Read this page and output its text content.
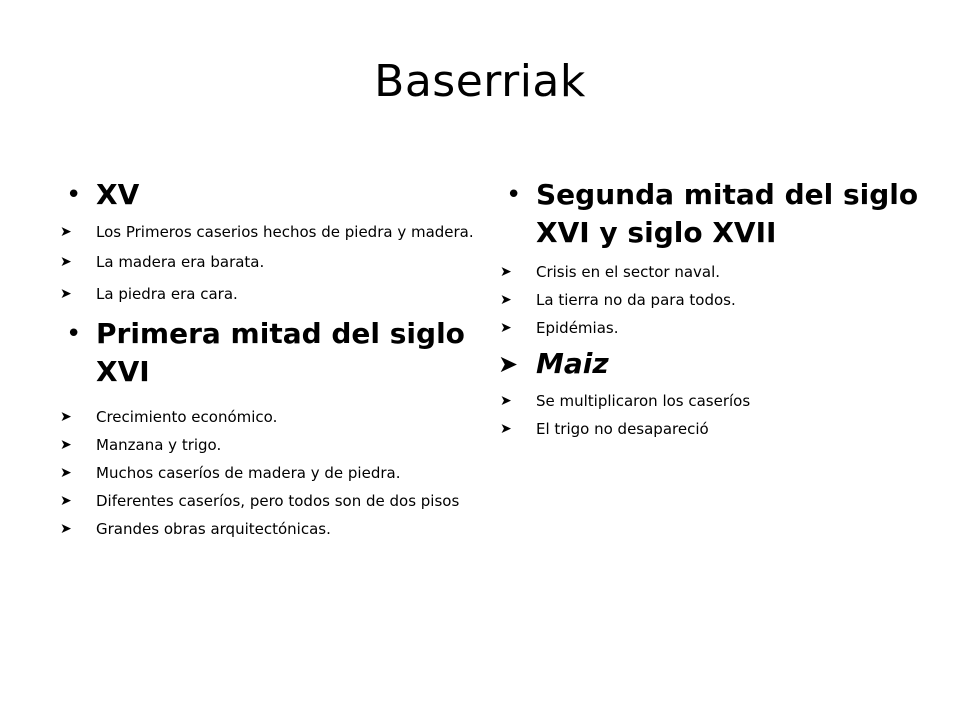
Baserriak
• XV
➤ Los Primeros caserios hechos de piedra y madera.
➤ La madera era barata.
➤ La piedra era cara.
• Primera mitad del siglo XVI
➤ Crecimiento económico.
➤ Manzana y trigo.
➤ Muchos caseríos de madera y de piedra.
➤ Diferentes caseríos, pero todos son de dos pisos
➤ Grandes obras arquitectónicas.
• Segunda mitad del siglo XVI y siglo XVII
➤ Crisis en el sector naval.
➤ La tierra no da para todos.
➤ Epidémias.
➤ Maiz
➤ Se multiplicaron los caseríos
➤ El trigo no desapareció
